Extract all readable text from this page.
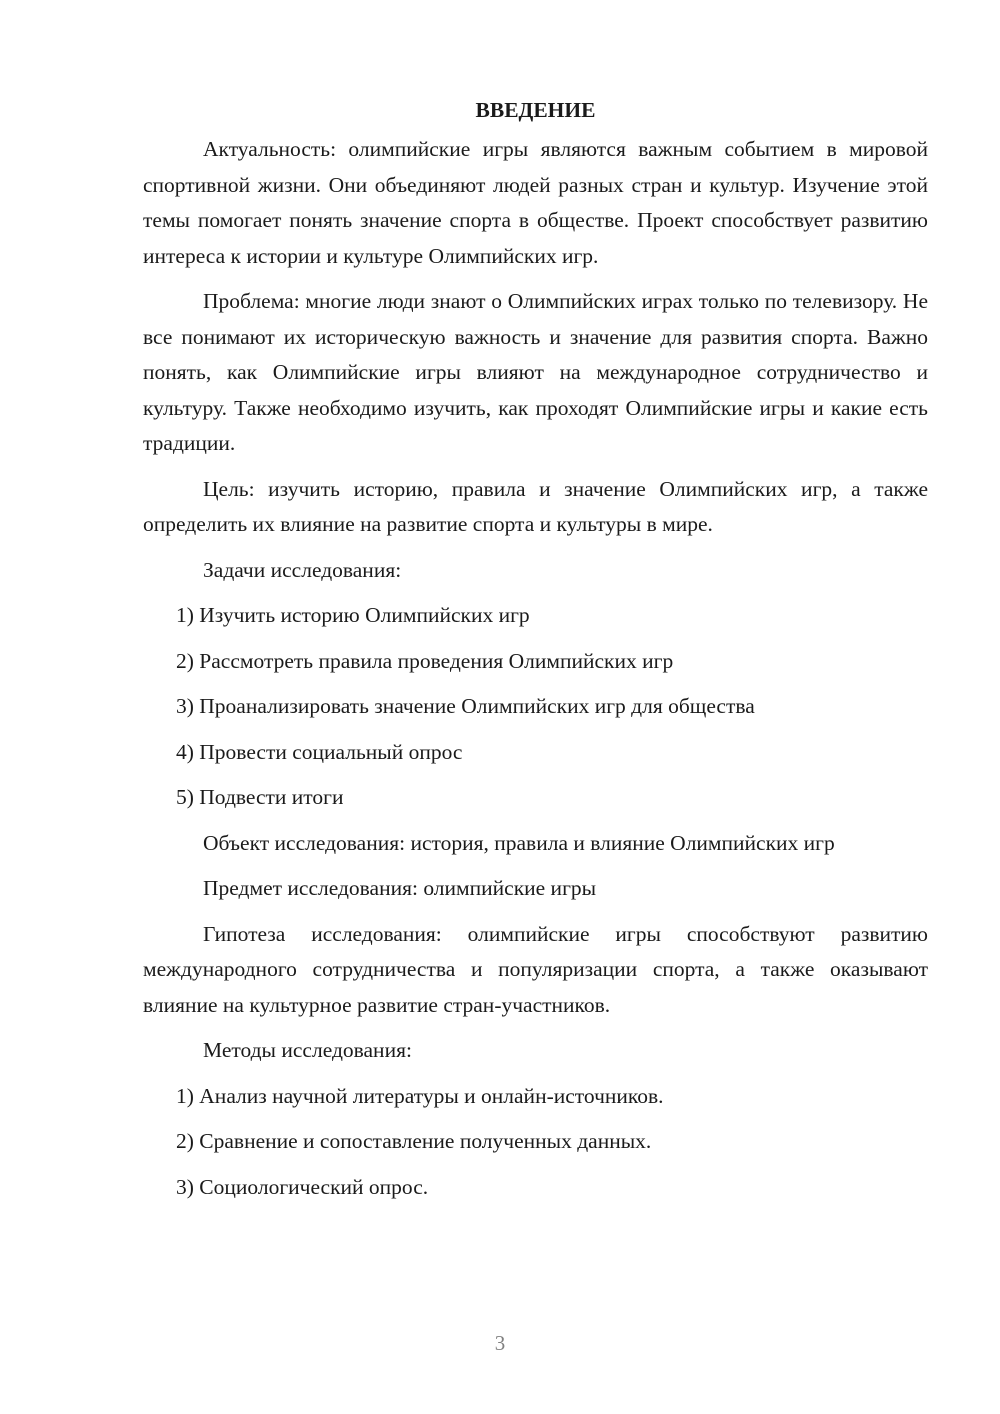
ВВЕДЕНИЕ

Актуальность: олимпийские игры являются важным событием в мировой спортивной жизни. Они объединяют людей разных стран и культур. Изучение этой темы помогает понять значение спорта в обществе. Проект способствует развитию интереса к истории и культуре Олимпийских игр.

Проблема: многие люди знают о Олимпийских играх только по телевизору. Не все понимают их историческую важность и значение для развития спорта. Важно понять, как Олимпийские игры влияют на международное сотрудничество и культуру. Также необходимо изучить, как проходят Олимпийские игры и какие есть традиции.

Цель: изучить историю, правила и значение Олимпийских игр, а также определить их влияние на развитие спорта и культуры в мире.

Задачи исследования:
1) Изучить историю Олимпийских игр
2) Рассмотреть правила проведения Олимпийских игр
3) Проанализировать значение Олимпийских игр для общества
4) Провести социальный опрос
5) Подвести итоги

Объект исследования: история, правила и влияние Олимпийских игр

Предмет исследования: олимпийские игры

Гипотеза исследования: олимпийские игры способствуют развитию международного сотрудничества и популяризации спорта, а также оказывают влияние на культурное развитие стран-участников.

Методы исследования:
1) Анализ научной литературы и онлайн-источников.
2) Сравнение и сопоставление полученных данных.
3) Социологический опрос.
3
